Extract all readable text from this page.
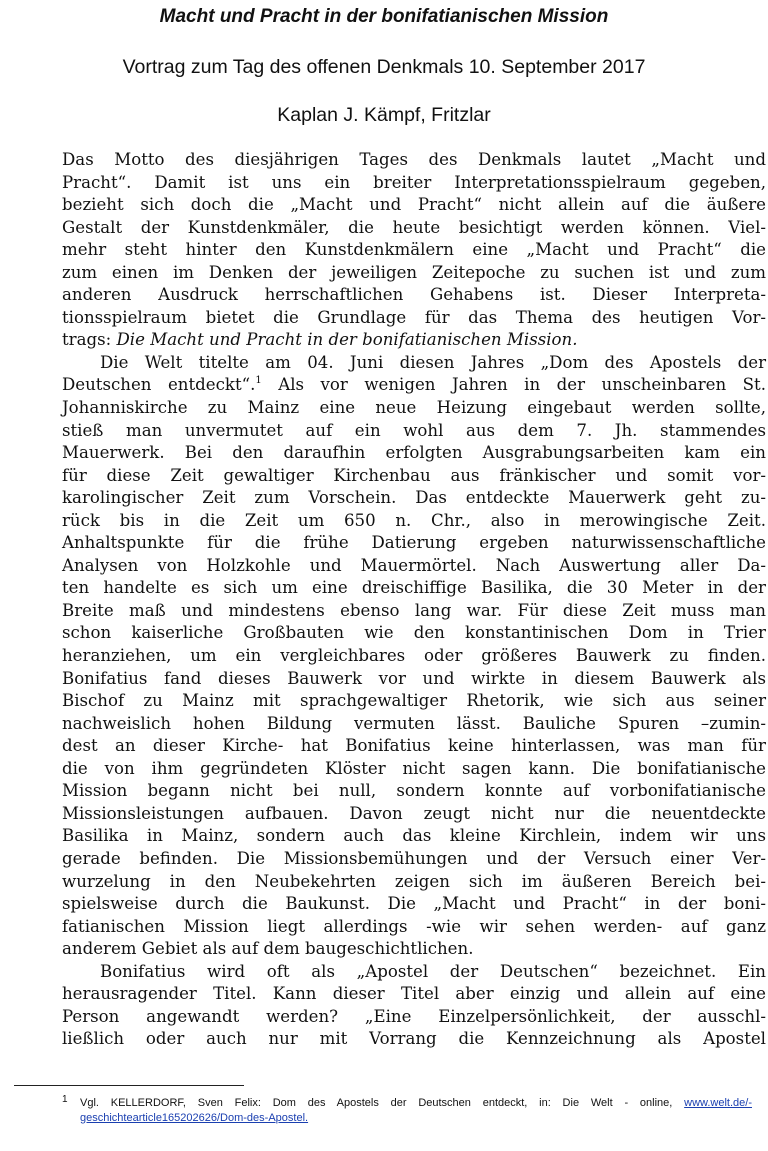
Macht und Pracht in der bonifatianischen Mission
Vortrag zum Tag des offenen Denkmals 10. September 2017
Kaplan J. Kämpf, Fritzlar
Das Motto des diesjährigen Tages des Denkmals lautet „Macht und
Pracht“. Damit ist uns ein breiter Interpretationsspielraum gegeben,
bezieht sich doch die „Macht und Pracht“ nicht allein auf die äußere
Gestalt der Kunstdenkmäler, die heute besichtigt werden können. Viel-
mehr steht hinter den Kunstdenkmälern eine „Macht und Pracht“ die
zum einen im Denken der jeweiligen Zeitepoche zu suchen ist und zum
anderen Ausdruck herrschaftlichen Gehabens ist. Dieser Interpreta-
tionsspielraum bietet die Grundlage für das Thema des heutigen Vor-
trags: Die Macht und Pracht in der bonifatianischen Mission.
Die Welt titelte am 04. Juni diesen Jahres „Dom des Apostels der
Deutschen entdeckt“.$^1$ Als vor wenigen Jahren in der unscheinbaren St.
Johanniskirche zu Mainz eine neue Heizung eingebaut werden sollte,
stieß man unvermutet auf ein wohl aus dem 7. Jh. stammendes
Mauerwerk. Bei den daraufhin erfolgten Ausgrabungsarbeiten kam ein
für diese Zeit gewaltiger Kirchenbau aus fränkischer und somit vor-
karolingischer Zeit zum Vorschein. Das entdeckte Mauerwerk geht zu-
rück bis in die Zeit um 650 n. Chr., also in merowingische Zeit.
Anhaltspunkte für die frühe Datierung ergeben naturwissenschaftliche
Analysen von Holzkohle und Mauermörtel. Nach Auswertung aller Da-
ten handelte es sich um eine dreischiffige Basilika, die 30 Meter in der
Breite maß und mindestens ebenso lang war. Für diese Zeit muss man
schon kaiserliche Großbauten wie den konstantinischen Dom in Trier
heranziehen, um ein vergleichbares oder größeres Bauwerk zu finden.
Bonifatius fand dieses Bauwerk vor und wirkte in diesem Bauwerk als
Bischof zu Mainz mit sprachgewaltiger Rhetorik, wie sich aus seiner
nachweislich hohen Bildung vermuten lässt. Bauliche Spuren –zumin-
dest an dieser Kirche- hat Bonifatius keine hinterlassen, was man für
die von ihm gegründeten Klöster nicht sagen kann. Die bonifatianische
Mission begann nicht bei null, sondern konnte auf vorbonifatianische
Missionsleistungen aufbauen. Davon zeugt nicht nur die neuentdeckte
Basilika in Mainz, sondern auch das kleine Kirchlein, indem wir uns
gerade befinden. Die Missionsbemühungen und der Versuch einer Ver-
wurzelung in den Neubekehrten zeigen sich im äußeren Bereich bei-
spielsweise durch die Baukunst. Die „Macht und Pracht“ in der boni-
fatianischen Mission liegt allerdings -wie wir sehen werden- auf ganz
anderem Gebiet als auf dem baugeschichtlichen.
Bonifatius wird oft als „Apostel der Deutschen“ bezeichnet. Ein
herausragender Titel. Kann dieser Titel aber einzig und allein auf eine
Person angewandt werden? „Eine Einzelpersönlichkeit, der ausschl-
ließlich oder auch nur mit Vorrang die Kennzeichnung als Apostel
1	Vgl. KELLERDORF, Sven Felix: Dom des Apostels der Deutschen entdeckt, in: Die Welt - online, www.welt.de/-
geschichtearticle165202626/Dom-des-Apostel.
